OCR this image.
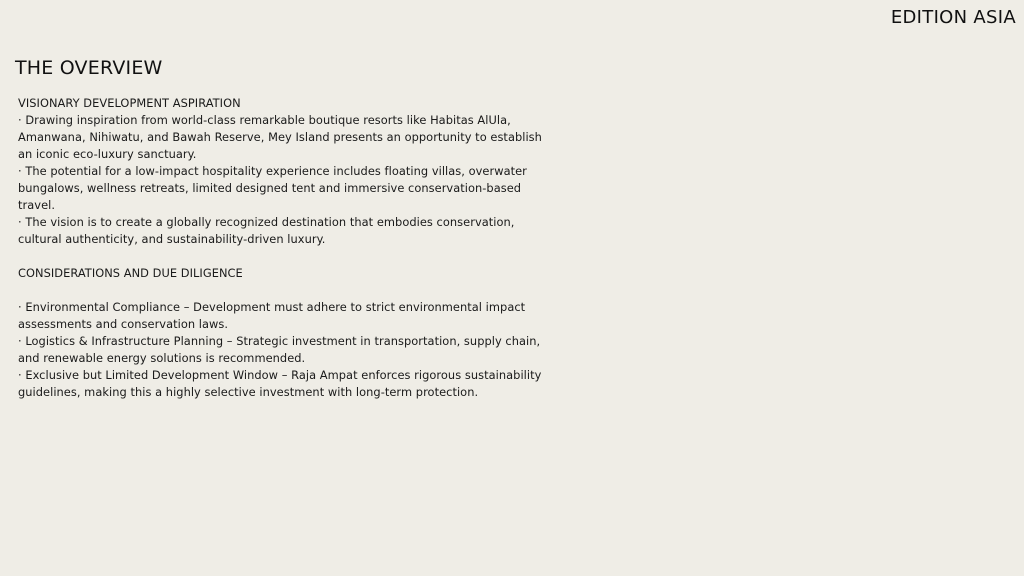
EDITION ASIA
THE OVERVIEW
VISIONARY DEVELOPMENT ASPIRATION
· Drawing inspiration from world-class remarkable boutique resorts like Habitas AlUla, Amanwana, Nihiwatu, and Bawah Reserve, Mey Island presents an opportunity to establish an iconic eco-luxury sanctuary.
· The potential for a low-impact hospitality experience includes floating villas, overwater bungalows, wellness retreats, limited designed tent and immersive conservation-based travel.
· The vision is to create a globally recognized destination that embodies conservation, cultural authenticity, and sustainability-driven luxury.
CONSIDERATIONS AND DUE DILIGENCE
· Environmental Compliance – Development must adhere to strict environmental impact assessments and conservation laws.
· Logistics & Infrastructure Planning – Strategic investment in transportation, supply chain, and renewable energy solutions is recommended.
· Exclusive but Limited Development Window – Raja Ampat enforces rigorous sustainability guidelines, making this a highly selective investment with long-term protection.
